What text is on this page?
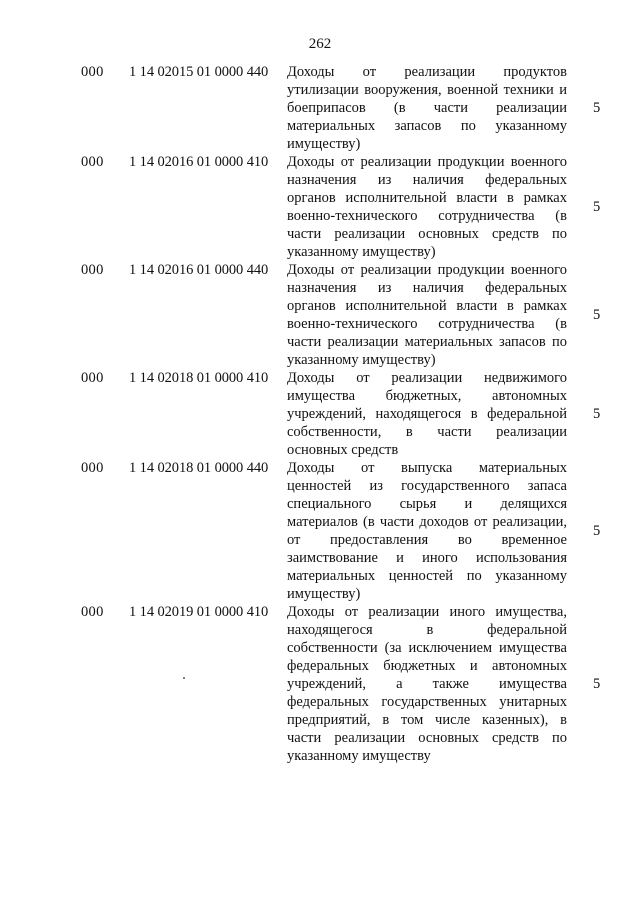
262
000 1 14 02015 01 0000 440 Доходы от реализации продуктов
утилизации вооружения, военной техники и
боеприпасов (в части реализации
материальных запасов по указанному
имуществу)
5
000 1 14 02016 01 0000 410 Доходы от реализации продукции военного
назначения из наличия федеральных
органов исполнительной власти в рамках
военно-технического сотрудничества (в
части реализации основных средств по
указанному имуществу)
5
000 1 14 02016 01 0000 440 Доходы от реализации продукции военного
назначения из наличия федеральных
органов исполнительной власти в рамках
военно-технического сотрудничества (в
части реализации материальных запасов по
указанному имуществу)
5
000 1 14 02018 01 0000 410 Доходы от реализации недвижимого
имущества бюджетных, автономных
учреждений, находящегося в федеральной
собственности, в части реализации
основных средств
5
000 1 14 02018 01 0000 440 Доходы от выпуска материальных
ценностей из государственного запаса
специального сырья и делящихся
материалов (в части доходов от реализации,
от предоставления во временное
заимствование и иного использования
материальных ценностей по указанному
имуществу)
5
000 1 14 02019 01 0000 410 Доходы от реализации иного имущества,
находящегося в федеральной
собственности (за исключением имущества
федеральных бюджетных и автономных
учреждений, а также имущества
федеральных государственных унитарных
предприятий, в том числе казенных), в
части реализации основных средств по
указанному имуществу
5
